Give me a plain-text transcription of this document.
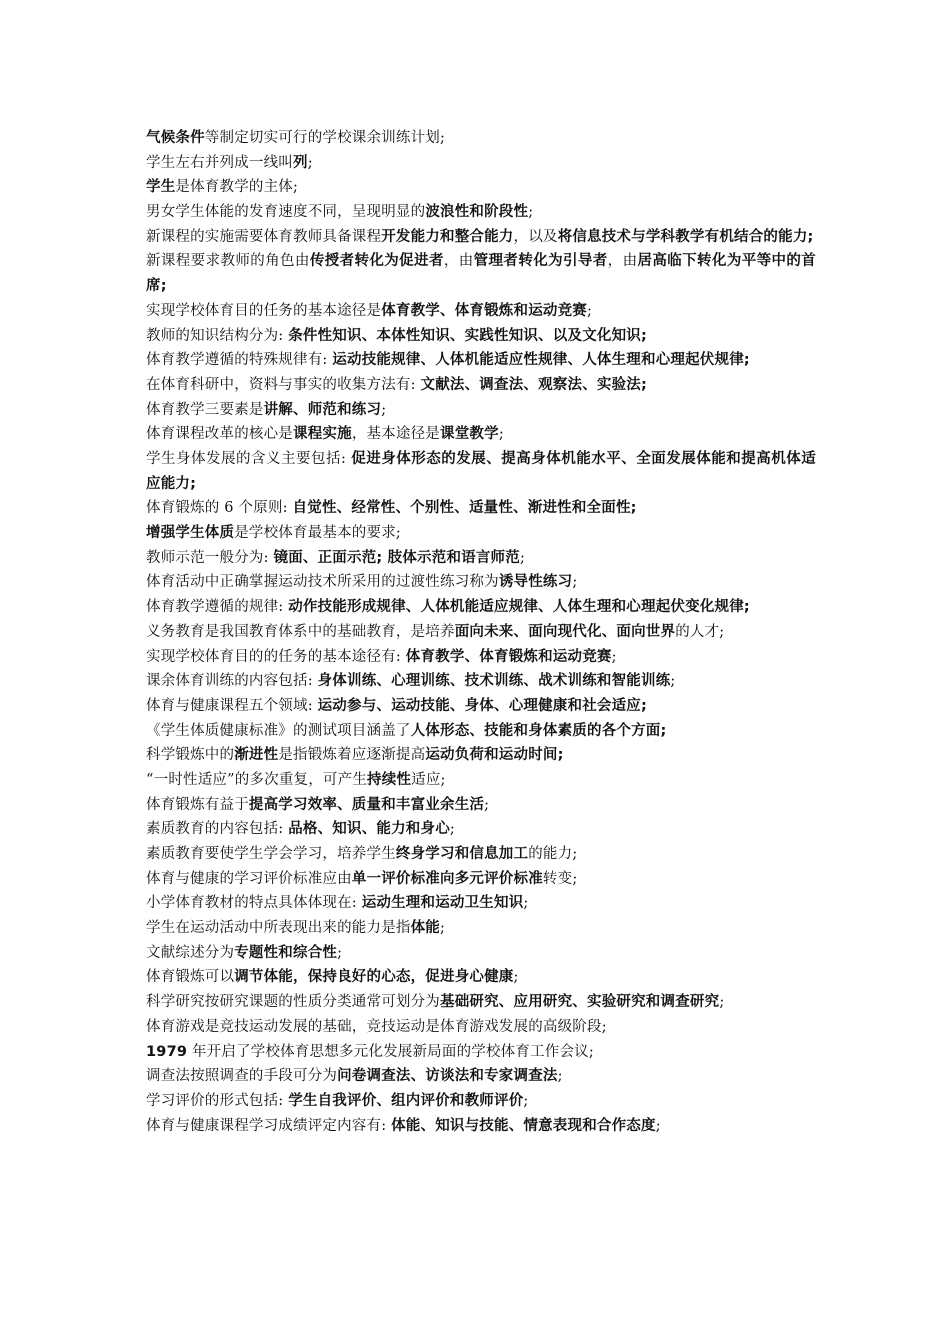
气候条件等制定切实可行的学校课余训练计划;
学生左右并列成一线叫列;
学生是体育教学的主体;
男女学生体能的发育速度不同，呈现明显的波浪性和阶段性;
新课程的实施需要体育教师具备课程开发能力和整合能力，以及将信息技术与学科教学有机结合的能力;
新课程要求教师的角色由传授者转化为促进者，由管理者转化为引导者，由居高临下转化为平等中的首席;
实现学校体育目的任务的基本途径是体育教学、体育锻炼和运动竞赛;
教师的知识结构分为: 条件性知识、本体性知识、实践性知识、以及文化知识;
体育教学遵循的特殊规律有: 运动技能规律、人体机能适应性规律、人体生理和心理起伏规律;
在体育科研中，资料与事实的收集方法有: 文献法、调查法、观察法、实验法;
体育教学三要素是讲解、师范和练习;
体育课程改革的核心是课程实施，基本途径是课堂教学;
学生身体发展的含义主要包括: 促进身体形态的发展、提高身体机能水平、全面发展体能和提高机体适应能力;
体育锻炼的 6 个原则: 自觉性、经常性、个别性、适量性、渐进性和全面性;
增强学生体质是学校体育最基本的要求;
教师示范一般分为: 镜面、正面示范; 肢体示范和语言师范;
体育活动中正确掌握运动技术所采用的过渡性练习称为诱导性练习;
体育教学遵循的规律: 动作技能形成规律、人体机能适应规律、人体生理和心理起伏变化规律;
义务教育是我国教育体系中的基础教育，是培养面向未来、面向现代化、面向世界的人才;
实现学校体育目的的任务的基本途径有: 体育教学、体育锻炼和运动竞赛;
课余体育训练的内容包括: 身体训练、心理训练、技术训练、战术训练和智能训练;
体育与健康课程五个领域: 运动参与、运动技能、身体、心理健康和社会适应;
《学生体质健康标准》的测试项目涵盖了人体形态、技能和身体素质的各个方面;
科学锻炼中的渐进性是指锻炼着应逐渐提高运动负荷和运动时间;
“一时性适应”的多次重复，可产生持续性适应;
体育锻炼有益于提高学习效率、质量和丰富业余生活;
素质教育的内容包括: 品格、知识、能力和身心;
素质教育要使学生学会学习，培养学生终身学习和信息加工的能力;
体育与健康的学习评价标准应由单一评价标准向多元评价标准转变;
小学体育教材的特点具体体现在: 运动生理和运动卫生知识;
学生在运动活动中所表现出来的能力是指体能;
文献综述分为专题性和综合性;
体育锻炼可以调节体能，保持良好的心态，促进身心健康;
科学研究按研究课题的性质分类通常可划分为基础研究、应用研究、实验研究和调查研究;
体育游戏是竞技运动发展的基础，竞技运动是体育游戏发展的高级阶段;
1979 年开启了学校体育思想多元化发展新局面的学校体育工作会议;
调查法按照调查的手段可分为问卷调查法、访谈法和专家调查法;
学习评价的形式包括: 学生自我评价、组内评价和教师评价;
体育与健康课程学习成绩评定内容有: 体能、知识与技能、情意表现和合作态度;
